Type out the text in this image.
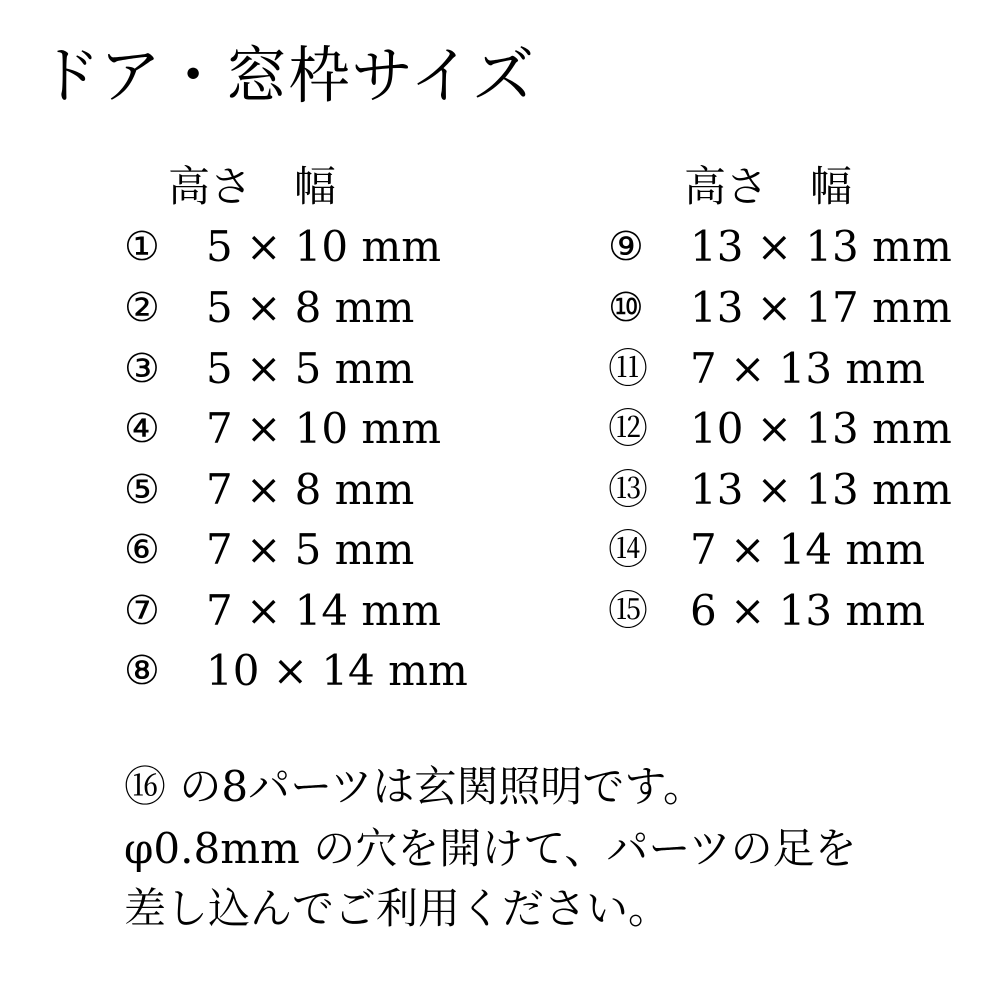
ドア・窓枠サイズ
高さ　幅
① 5 × 10 mm
② 5 × 8 mm
③ 5 × 5 mm
④ 7 × 10 mm
⑤ 7 × 8 mm
⑥ 7 × 5 mm
⑦ 7 × 14 mm
⑧ 10 × 14 mm
高さ　幅
⑨ 13 × 13 mm
⑩ 13 × 17 mm
⑪ 7 × 13 mm
⑫ 10 × 13 mm
⑬ 13 × 13 mm
⑭ 7 × 14 mm
⑮ 6 × 13 mm
⑯ の8パーツは玄関照明です。
φ0.8mm の穴を開けて、パーツの足を
差し込んでご利用ください。
